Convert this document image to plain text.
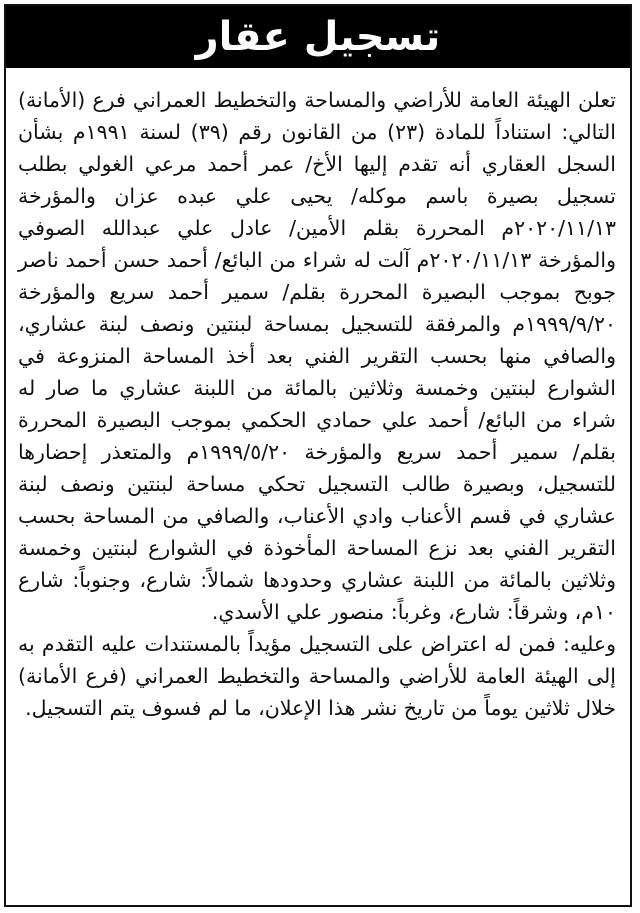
تسجيل عقار

تعلن الهيئة العامة للأراضي والمساحة والتخطيط العمراني فرع (الأمانة) التالي: استناداً للمادة (٢٣) من القانون رقم (٣٩) لسنة ١٩٩١م بشأن السجل العقاري أنه تقدم إليها الأخ/ عمر أحمد مرعي الغولي بطلب تسجيل بصيرة باسم موكله/ يحيى علي عبده عزان والمؤرخة ٢٠٢٠/١١/١٣م المحررة بقلم الأمين/ عادل علي عبدالله الصوفي والمؤرخة ٢٠٢٠/١١/١٣م آلت له شراء من البائع/ أحمد حسن أحمد ناصر جوبح بموجب البصيرة المحررة بقلم/ سمير أحمد سريع والمؤرخة ١٩٩٩/٩/٢٠م والمرفقة للتسجيل بمساحة لبنتين ونصف لبنة عشاري، والصافي منها بحسب التقرير الفني بعد أخذ المساحة المنزوعة في الشوارع لبنتين وخمسة وثلاثين بالمائة من اللبنة عشاري ما صار له شراء من البائع/ أحمد علي حمادي الحكمي بموجب البصيرة المحررة بقلم/ سمير أحمد سريع والمؤرخة ١٩٩٩/٥/٢٠م والمتعذر إحضارها للتسجيل، وبصيرة طالب التسجيل تحكي مساحة لبنتين ونصف لبنة عشاري في قسم الأعناب وادي الأعناب، والصافي من المساحة بحسب التقرير الفني بعد نزع المساحة المأخوذة في الشوارع لبنتين وخمسة وثلاثين بالمائة من اللبنة عشاري وحدودها شمالاً: شارع، وجنوباً: شارع ١٠م، وشرقاً: شارع، وغرباً: منصور علي الأسدي.

وعليه: فمن له اعتراض على التسجيل مؤيداً بالمستندات عليه التقدم به إلى الهيئة العامة للأراضي والمساحة والتخطيط العمراني (فرع الأمانة) خلال ثلاثين يوماً من تاريخ نشر هذا الإعلان، ما لم فسوف يتم التسجيل.
